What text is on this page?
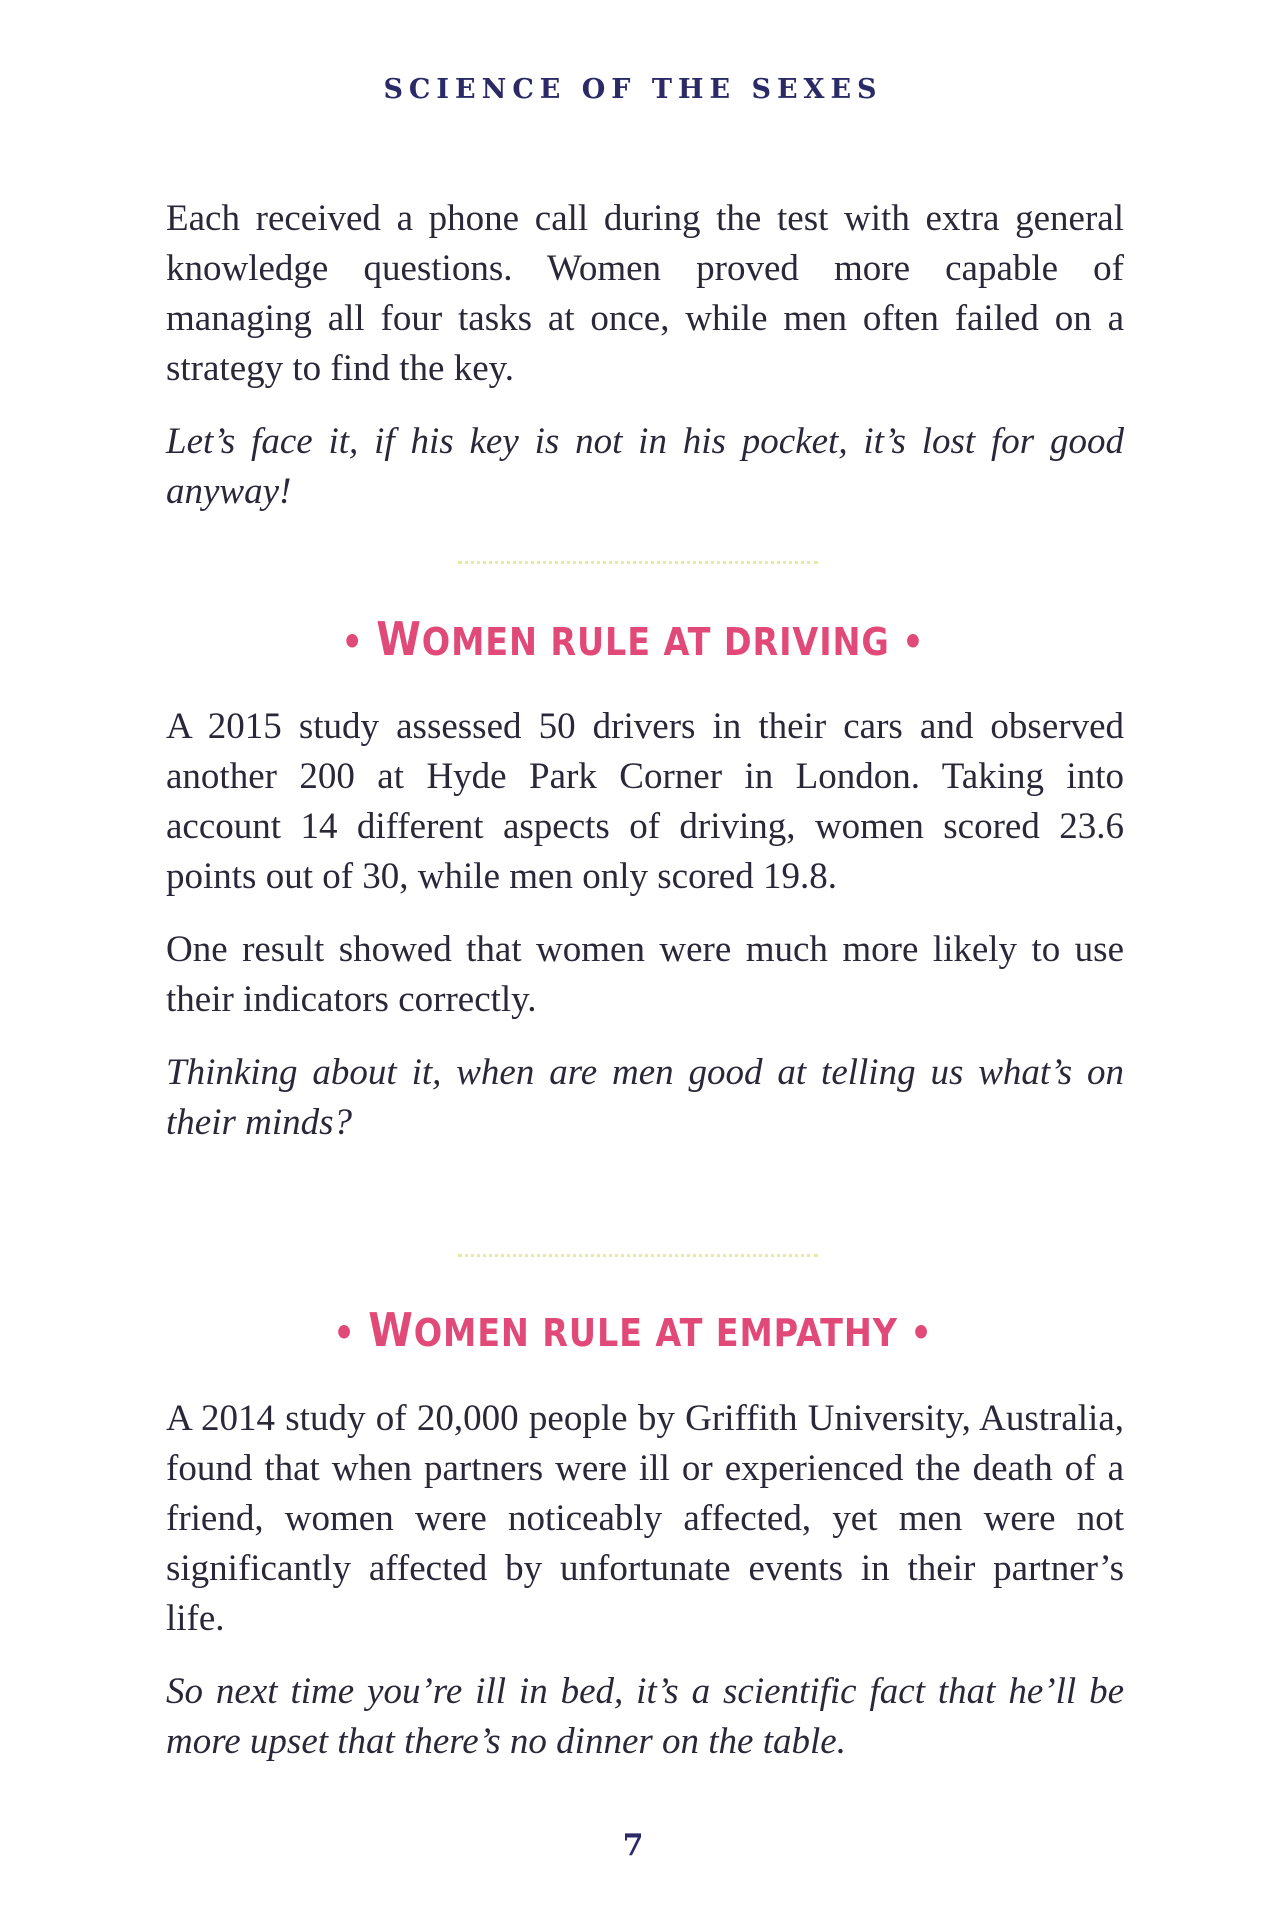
SCIENCE OF THE SEXES

Each received a phone call during the test with extra general knowledge questions. Women proved more capable of managing all four tasks at once, while men often failed on a strategy to find the key.

Let’s face it, if his key is not in his pocket, it’s lost for good anyway!

• WOMEN RULE AT DRIVING •

A 2015 study assessed 50 drivers in their cars and observed another 200 at Hyde Park Corner in London. Taking into account 14 different aspects of driving, women scored 23.6 points out of 30, while men only scored 19.8.

One result showed that women were much more likely to use their indicators correctly.

Thinking about it, when are men good at telling us what’s on their minds?

• WOMEN RULE AT EMPATHY •

A 2014 study of 20,000 people by Griffith University, Australia, found that when partners were ill or experienced the death of a friend, women were noticeably affected, yet men were not significantly affected by unfortunate events in their partner’s life.

So next time you’re ill in bed, it’s a scientific fact that he’ll be more upset that there’s no dinner on the table.

7
